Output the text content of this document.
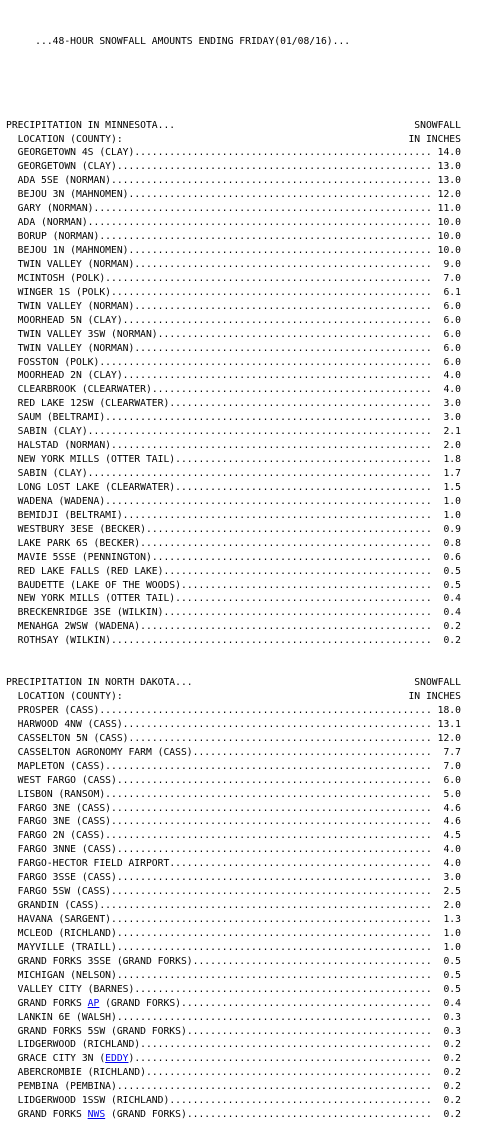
...48-HOUR SNOWFALL AMOUNTS ENDING FRIDAY(01/08/16)...

PRECIPITATION IN MINNESOTA...	SNOWFALL
LOCATION (COUNTY):	IN INCHES
GEORGETOWN 4S (CLAY)................................................... 14.0
GEORGETOWN (CLAY)...................................................... 13.0
ADA 5SE (NORMAN)....................................................... 13.0
BEJOU 3N (MAHNOMEN).................................................... 12.0
GARY (NORMAN).......................................................... 11.0
ADA (NORMAN)........................................................... 10.0
BORUP (NORMAN)......................................................... 10.0
BEJOU 1N (MAHNOMEN).................................................... 10.0
TWIN VALLEY (NORMAN)...................................................  9.0
MCINTOSH (POLK)........................................................  7.0
WINGER 1S (POLK).......................................................  6.1
TWIN VALLEY (NORMAN)...................................................  6.0
MOORHEAD 5N (CLAY).....................................................  6.0
TWIN VALLEY 3SW (NORMAN)...............................................  6.0
TWIN VALLEY (NORMAN)...................................................  6.0
FOSSTON (POLK).........................................................  6.0
MOORHEAD 2N (CLAY).....................................................  4.0
CLEARBROOK (CLEARWATER)................................................  4.0
RED LAKE 12SW (CLEARWATER).............................................  3.0
SAUM (BELTRAMI)........................................................  3.0
SABIN (CLAY)...........................................................  2.1
HALSTAD (NORMAN).......................................................  2.0
NEW YORK MILLS (OTTER TAIL)............................................  1.8
SABIN (CLAY)...........................................................  1.7
LONG LOST LAKE (CLEARWATER)............................................  1.5
WADENA (WADENA)........................................................  1.0
BEMIDJI (BELTRAMI).....................................................  1.0
WESTBURY 3ESE (BECKER).................................................  0.9
LAKE PARK 6S (BECKER)..................................................  0.8
MAVIE 5SSE (PENNINGTON)................................................  0.6
RED LAKE FALLS (RED LAKE)..............................................  0.5
BAUDETTE (LAKE OF THE WOODS)...........................................  0.5
NEW YORK MILLS (OTTER TAIL)............................................  0.4
BRECKENRIDGE 3SE (WILKIN)..............................................  0.4
MENAHGA 2WSW (WADENA)..................................................  0.2
ROTHSAY (WILKIN).......................................................  0.2
PRECIPITATION IN NORTH DAKOTA...	SNOWFALL
LOCATION (COUNTY):	IN INCHES
PROSPER (CASS)......................................................... 18.0
HARWOOD 4NW (CASS)..................................................... 13.1
CASSELTON 5N (CASS).................................................... 12.0
CASSELTON AGRONOMY FARM (CASS).........................................  7.7
MAPLETON (CASS)........................................................  7.0
WEST FARGO (CASS)......................................................  6.0
LISBON (RANSOM)........................................................  5.0
FARGO 3NE (CASS).......................................................  4.6
FARGO 3NE (CASS).......................................................  4.6
FARGO 2N (CASS)........................................................  4.5
FARGO 3NNE (CASS)......................................................  4.0
FARGO-HECTOR FIELD AIRPORT.............................................  4.0
FARGO 3SSE (CASS)......................................................  3.0
FARGO 5SW (CASS).......................................................  2.5
GRANDIN (CASS).........................................................  2.0
HAVANA (SARGENT).......................................................  1.3
MCLEOD (RICHLAND)......................................................  1.0
MAYVILLE (TRAILL)......................................................  1.0
GRAND FORKS 3SSE (GRAND FORKS).........................................  0.5
MICHIGAN (NELSON)......................................................  0.5
VALLEY CITY (BARNES)...................................................  0.5
GRAND FORKS AP (GRAND FORKS)...........................................  0.4
LANKIN 6E (WALSH)......................................................  0.3
GRAND FORKS 5SW (GRAND FORKS)..........................................  0.3
LIDGERWOOD (RICHLAND)..................................................  0.2
GRACE CITY 3N (EDDY)...................................................  0.2
ABERCROMBIE (RICHLAND).................................................  0.2
PEMBINA (PEMBINA)......................................................  0.2
LIDGERWOOD 1SSW (RICHLAND).............................................  0.2
GRAND FORKS NWS (GRAND FORKS)..........................................  0.2
